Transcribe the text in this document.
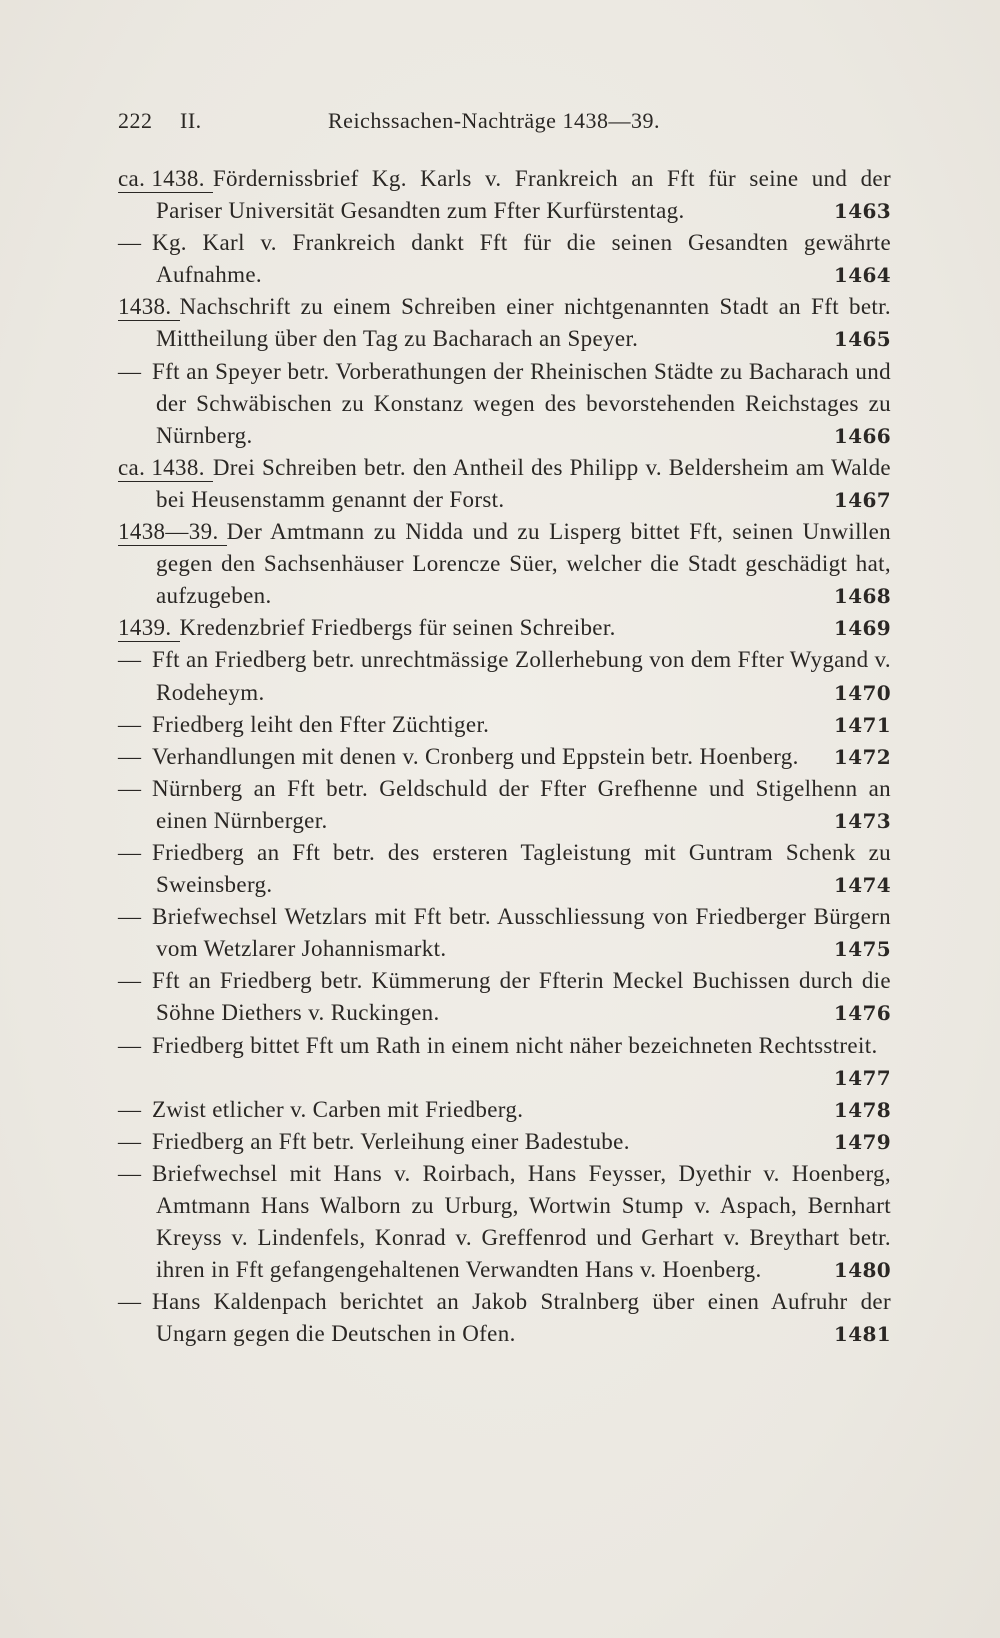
222 II.	Reichssachen-Nachträge 1438—39.

ca. 1438. Fördernissbrief Kg. Karls v. Frankreich an Fft für seine und der Pariser Universität Gesandten zum Ffter Kurfürstentag.	1463

— Kg. Karl v. Frankreich dankt Fft für die seinen Gesandten gewährte Aufnahme.	1464

1438. Nachschrift zu einem Schreiben einer nichtgenannten Stadt an Fft betr. Mittheilung über den Tag zu Bacharach an Speyer.	1465

— Fft an Speyer betr. Vorberathungen der Rheinischen Städte zu Bacharach und der Schwäbischen zu Konstanz wegen des bevorstehenden Reichstages zu Nürnberg.	1466

ca. 1438. Drei Schreiben betr. den Antheil des Philipp v. Beldersheim am Walde bei Heusenstamm genannt der Forst.	1467

1438—39. Der Amtmann zu Nidda und zu Lisperg bittet Fft, seinen Unwillen gegen den Sachsenhäuser Lorencze Süer, welcher die Stadt geschädigt hat, aufzugeben.	1468

1439. Kredenzbrief Friedbergs für seinen Schreiber.	1469

— Fft an Friedberg betr. unrechtmässige Zollerhebung von dem Ffter Wygand v. Rodeheym.	1470

— Friedberg leiht den Ffter Züchtiger.	1471

— Verhandlungen mit denen v. Cronberg und Eppstein betr. Hoenberg. 1472

— Nürnberg an Fft betr. Geldschuld der Ffter Grefhenne und Stigelhenn an einen Nürnberger.	1473

— Friedberg an Fft betr. des ersteren Tagleistung mit Guntram Schenk zu Sweinsberg.	1474

— Briefwechsel Wetzlars mit Fft betr. Ausschliessung von Friedberger Bürgern vom Wetzlarer Johannismarkt.	1475

— Fft an Friedberg betr. Kümmerung der Ffterin Meckel Buchissen durch die Söhne Diethers v. Ruckingen.	1476

— Friedberg bittet Fft um Rath in einem nicht näher bezeichneten Rechtsstreit.
1477

— Zwist etlicher v. Carben mit Friedberg.	1478

— Friedberg an Fft betr. Verleihung einer Badestube.	1479

— Briefwechsel mit Hans v. Roirbach, Hans Feysser, Dyethir v. Hoenberg, Amtmann Hans Walborn zu Urburg, Wortwin Stump v. Aspach, Bernhart Kreyss v. Lindenfels, Konrad v. Greffenrod und Gerhart v. Breythart betr. ihren in Fft gefangengehaltenen Verwandten Hans v. Hoenberg.	1480

— Hans Kaldenpach berichtet an Jakob Stralnberg über einen Aufruhr der Ungarn gegen die Deutschen in Ofen.	1481
